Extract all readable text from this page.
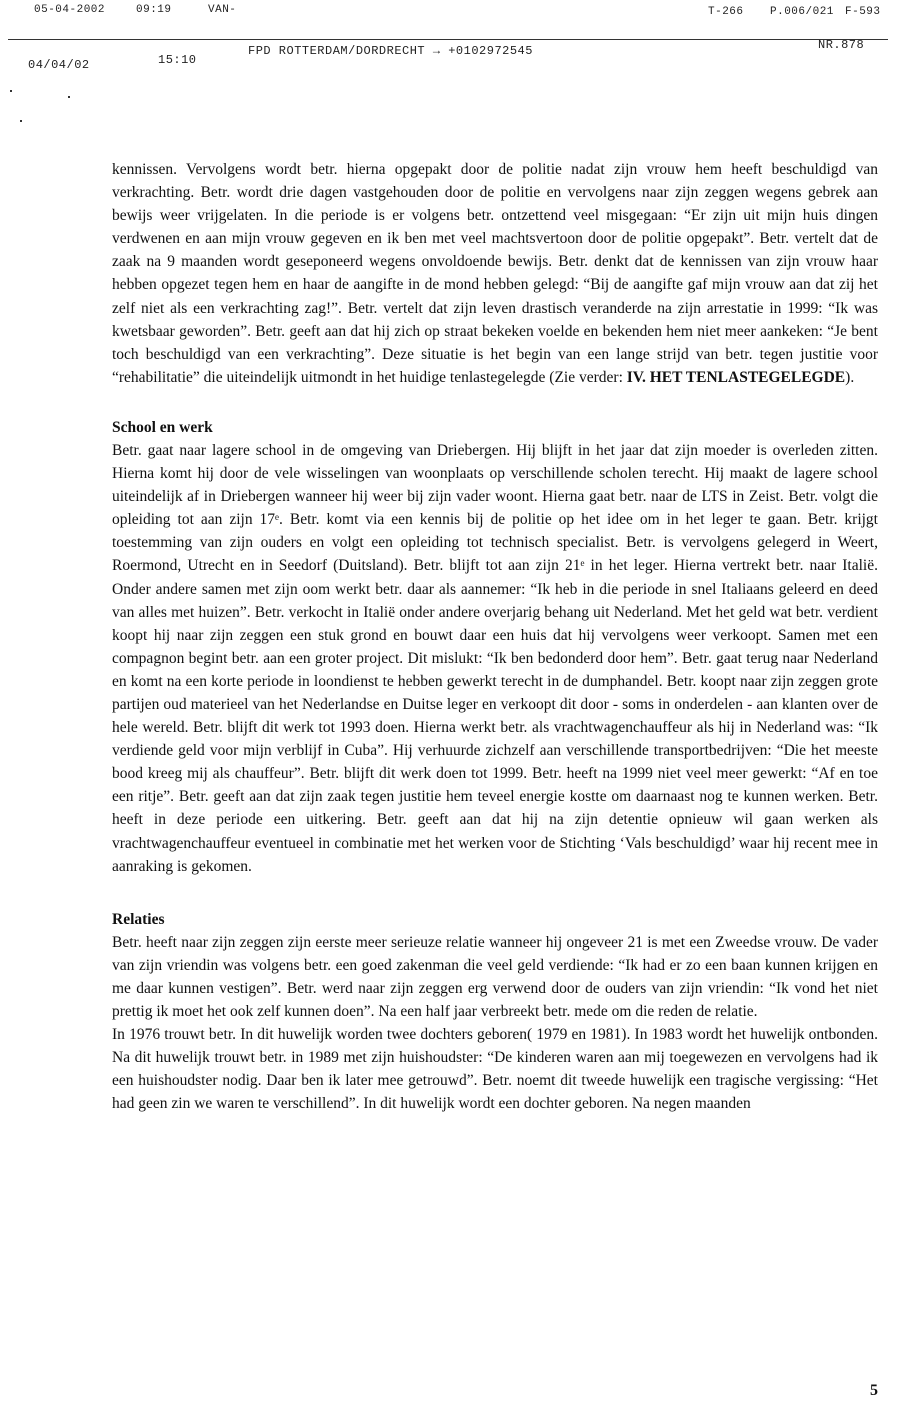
05-04-2002	09:19	VAN-	T-266 P.006/021 F-593
04/04/02	15:10
FPD ROTTERDAM/DORDRECHT → +0102972545	NR.878

kennissen. Vervolgens wordt betr. hierna opgepakt door de politie nadat zijn vrouw hem heeft beschuldigd van verkrachting. Betr. wordt drie dagen vastgehouden door de politie en vervolgens naar zijn zeggen wegens gebrek aan bewijs weer vrijgelaten. In die periode is er volgens betr. ontzettend veel misgegaan: “Er zijn uit mijn huis dingen verdwenen en aan mijn vrouw gegeven en ik ben met veel machtsvertoon door de politie opgepakt”. Betr. vertelt dat de zaak na 9 maanden wordt geseponeerd wegens onvoldoende bewijs. Betr. denkt dat de kennissen van zijn vrouw haar hebben opgezet tegen hem en haar de aangifte in de mond hebben gelegd: “Bij de aangifte gaf mijn vrouw aan dat zij het zelf niet als een verkrachting zag!”. Betr. vertelt dat zijn leven drastisch veranderde na zijn arrestatie in 1999: “Ik was kwetsbaar geworden”. Betr. geeft aan dat hij zich op straat bekeken voelde en bekenden hem niet meer aankeken: “Je bent toch beschuldigd van een verkrachting”. Deze situatie is het begin van een lange strijd van betr. tegen justitie voor “rehabilitatie” die uiteindelijk uitmondt in het huidige tenlastegelegde (Zie verder: IV. HET TENLASTEGELEGDE).

School en werk

Betr. gaat naar lagere school in de omgeving van Driebergen. Hij blijft in het jaar dat zijn moeder is overleden zitten. Hierna komt hij door de vele wisselingen van woonplaats op verschillende scholen terecht. Hij maakt de lagere school uiteindelijk af in Driebergen wanneer hij weer bij zijn vader woont. Hierna gaat betr. naar de LTS in Zeist. Betr. volgt die opleiding tot aan zijn 17ᵉ. Betr. komt via een kennis bij de politie op het idee om in het leger te gaan. Betr. krijgt toestemming van zijn ouders en volgt een opleiding tot technisch specialist. Betr. is vervolgens gelegerd in Weert, Roermond, Utrecht en in Seedorf (Duitsland). Betr. blijft tot aan zijn 21ᵉ in het leger. Hierna vertrekt betr. naar Italië. Onder andere samen met zijn oom werkt betr. daar als aannemer: “Ik heb in die periode in snel Italiaans geleerd en deed van alles met huizen”. Betr. verkocht in Italië onder andere overjarig behang uit Nederland. Met het geld wat betr. verdient koopt hij naar zijn zeggen een stuk grond en bouwt daar een huis dat hij vervolgens weer verkoopt. Samen met een compagnon begint betr. aan een groter project. Dit mislukt: “Ik ben bedonderd door hem”. Betr. gaat terug naar Nederland en komt na een korte periode in loondienst te hebben gewerkt terecht in de dumphandel. Betr. koopt naar zijn zeggen grote partijen oud materieel van het Nederlandse en Duitse leger en verkoopt dit door - soms in onderdelen - aan klanten over de hele wereld. Betr. blijft dit werk tot 1993 doen. Hierna werkt betr. als vrachtwagenchauffeur als hij in Nederland was: “Ik verdiende geld voor mijn verblijf in Cuba”. Hij verhuurde zichzelf aan verschillende transportbedrijven: “Die het meeste bood kreeg mij als chauffeur”. Betr. blijft dit werk doen tot 1999. Betr. heeft na 1999 niet veel meer gewerkt: “Af en toe een ritje”. Betr. geeft aan dat zijn zaak tegen justitie hem teveel energie kostte om daarnaast nog te kunnen werken. Betr. heeft in deze periode een uitkering. Betr. geeft aan dat hij na zijn detentie opnieuw wil gaan werken als vrachtwagenchauffeur eventueel in combinatie met het werken voor de Stichting ‘Vals beschuldigd’ waar hij recent mee in aanraking is gekomen.

Relaties

Betr. heeft naar zijn zeggen zijn eerste meer serieuze relatie wanneer hij ongeveer 21 is met een Zweedse vrouw. De vader van zijn vriendin was volgens betr. een goed zakenman die veel geld verdiende: “Ik had er zo een baan kunnen krijgen en me daar kunnen vestigen”. Betr. werd naar zijn zeggen erg verwend door de ouders van zijn vriendin: “Ik vond het niet prettig ik moet het ook zelf kunnen doen”. Na een half jaar verbreekt betr. mede om die reden de relatie.

In 1976 trouwt betr. In dit huwelijk worden twee dochters geboren( 1979 en 1981). In 1983 wordt het huwelijk ontbonden. Na dit huwelijk trouwt betr. in 1989 met zijn huishoudster: “De kinderen waren aan mij toegewezen en vervolgens had ik een huishoudster nodig. Daar ben ik later mee getrouwd”. Betr. noemt dit tweede huwelijk een tragische vergissing: “Het had geen zin we waren te verschillend”. In dit huwelijk wordt een dochter geboren. Na negen maanden

5
